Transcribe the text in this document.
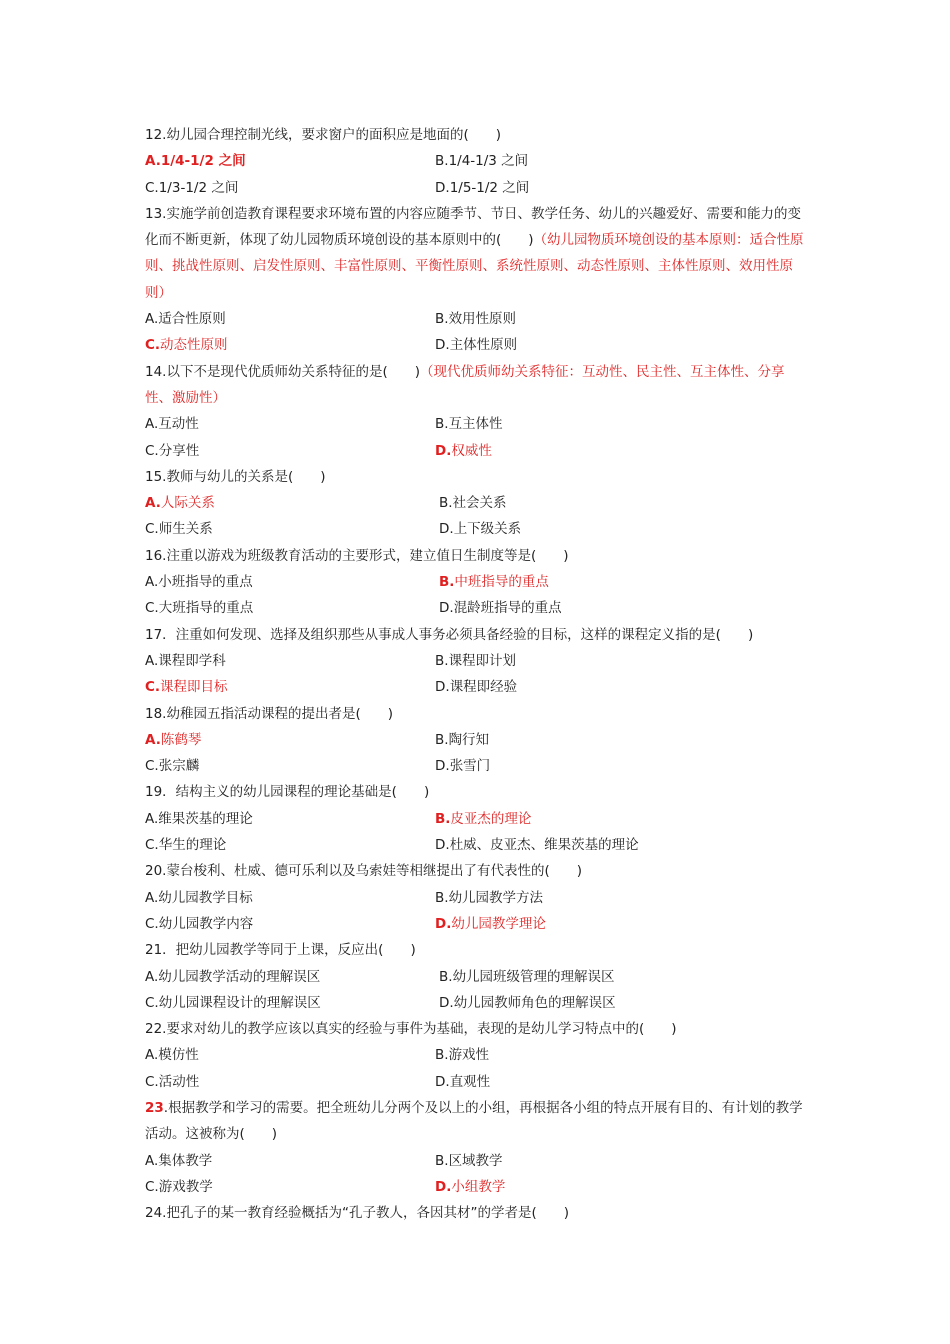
12.幼儿园合理控制光线，要求窗户的面积应是地面的(　　)
A.1/4-1/2 之间	B.1/4-1/3 之间
C.1/3-1/2 之间	D.1/5-1/2 之间
13.实施学前创造教育课程要求环境布置的内容应随季节、节日、教学任务、幼儿的兴趣爱好、需要和能力的变化而不断更新，体现了幼儿园物质环境创设的基本原则中的(　　)（幼儿园物质环境创设的基本原则：适合性原则、挑战性原则、启发性原则、丰富性原则、平衡性原则、系统性原则、动态性原则、主体性原则、效用性原则）
A.适合性原则	B.效用性原则
C.动态性原则	D.主体性原则
14.以下不是现代优质师幼关系特征的是(　　)（现代优质师幼关系特征：互动性、民主性、互主体性、分享性、激励性）
A.互动性	B.互主体性
C.分享性	D.权威性
15.教师与幼儿的关系是(　　)
A.人际关系	B.社会关系
C.师生关系	D.上下级关系
16.注重以游戏为班级教育活动的主要形式，建立值日生制度等是(　　)
A.小班指导的重点	B.中班指导的重点
C.大班指导的重点	D.混龄班指导的重点
17．注重如何发现、选择及组织那些从事成人事务必须具备经验的目标，这样的课程定义指的是(　　)
A.课程即学科	B.课程即计划
C.课程即目标	D.课程即经验
18.幼稚园五指活动课程的提出者是(　　)
A.陈鹤琴	B.陶行知
C.张宗麟	D.张雪门
19．结构主义的幼儿园课程的理论基础是(　　)
A.维果茨基的理论	B.皮亚杰的理论
C.华生的理论	D.杜威、皮亚杰、维果茨基的理论
20.蒙台梭利、杜威、德可乐利以及乌索娃等相继提出了有代表性的(　　)
A.幼儿园教学目标	B.幼儿园教学方法
C.幼儿园教学内容	D.幼儿园教学理论
21．把幼儿园教学等同于上课，反应出(　　)
A.幼儿园教学活动的理解误区	B.幼儿园班级管理的理解误区
C.幼儿园课程设计的理解误区	D.幼儿园教师角色的理解误区
22.要求对幼儿的教学应该以真实的经验与事件为基础，表现的是幼儿学习特点中的(　　)
A.模仿性	B.游戏性
C.活动性	D.直观性
23.根据教学和学习的需要。把全班幼儿分两个及以上的小组，再根据各小组的特点开展有目的、有计划的教学活动。这被称为(　　)
A.集体教学	B.区域教学
C.游戏教学	D.小组教学
24.把孔子的某一教育经验概括为“孔子教人，各因其材”的学者是(　　)
